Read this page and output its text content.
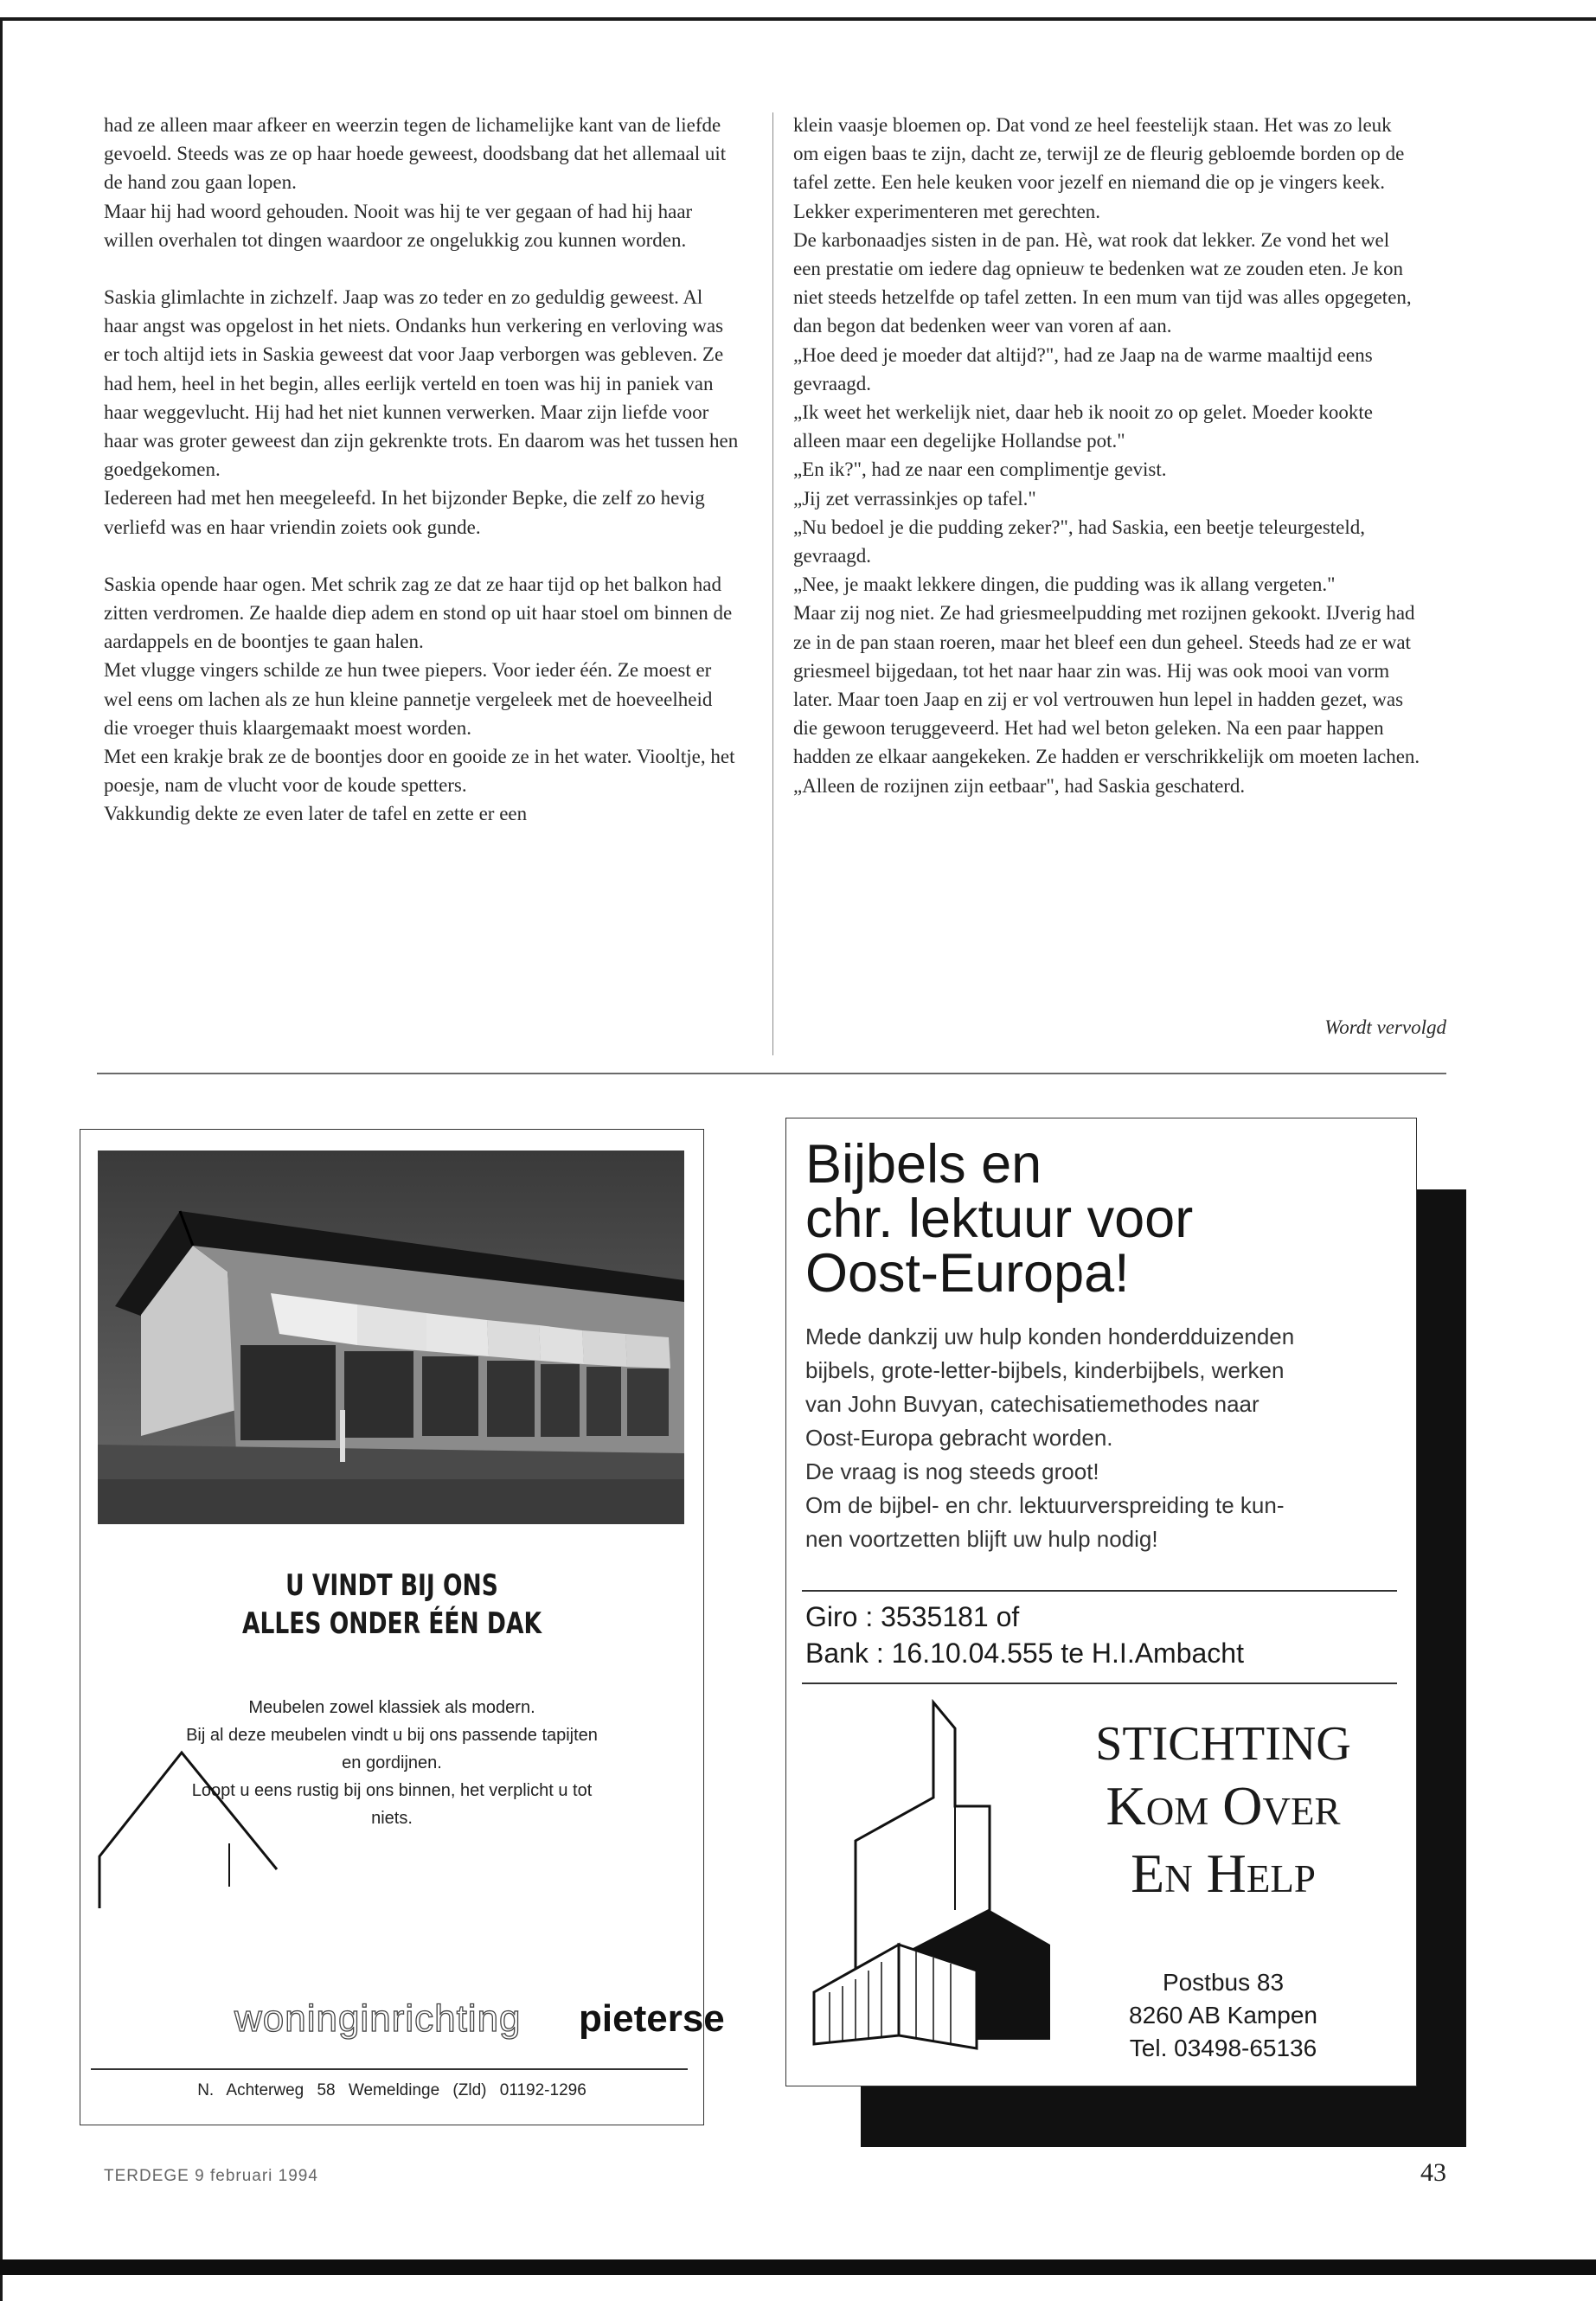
had ze alleen maar afkeer en weerzin tegen de lichamelijke kant van de liefde gevoeld. Steeds was ze op haar hoede geweest, doodsbang dat het allemaal uit de hand zou gaan lopen.

Maar hij had woord gehouden. Nooit was hij te ver gegaan of had hij haar willen overhalen tot dingen waardoor ze ongelukkig zou kunnen worden.

Saskia glimlachte in zichzelf. Jaap was zo teder en zo geduldig geweest. Al haar angst was opgelost in het niets. Ondanks hun verkering en verloving was er toch altijd iets in Saskia geweest dat voor Jaap verborgen was gebleven. Ze had hem, heel in het begin, alles eerlijk verteld en toen was hij in paniek van haar weggevlucht. Hij had het niet kunnen verwerken. Maar zijn liefde voor haar was groter geweest dan zijn gekrenkte trots. En daarom was het tussen hen goedgekomen.

Iedereen had met hen meegeleefd. In het bijzonder Bepke, die zelf zo hevig verliefd was en haar vriendin zoiets ook gunde.

Saskia opende haar ogen. Met schrik zag ze dat ze haar tijd op het balkon had zitten verdromen. Ze haalde diep adem en stond op uit haar stoel om binnen de aardappels en de boontjes te gaan halen.

Met vlugge vingers schilde ze hun twee piepers. Voor ieder één. Ze moest er wel eens om lachen als ze hun kleine pannetje vergeleek met de hoeveelheid die vroeger thuis klaargemaakt moest worden.

Met een krakje brak ze de boontjes door en gooide ze in het water. Viooltje, het poesje, nam de vlucht voor de koude spetters.

Vakkundig dekte ze even later de tafel en zette er een

klein vaasje bloemen op. Dat vond ze heel feestelijk staan. Het was zo leuk om eigen baas te zijn, dacht ze, terwijl ze de fleurig gebloemde borden op de tafel zette. Een hele keuken voor jezelf en niemand die op je vingers keek. Lekker experimenteren met gerechten.

De karbonaadjes sisten in de pan. Hè, wat rook dat lekker. Ze vond het wel een prestatie om iedere dag opnieuw te bedenken wat ze zouden eten. Je kon niet steeds hetzelfde op tafel zetten. In een mum van tijd was alles opgegeten, dan begon dat bedenken weer van voren af aan.

„Hoe deed je moeder dat altijd?", had ze Jaap na de warme maaltijd eens gevraagd.

„Ik weet het werkelijk niet, daar heb ik nooit zo op gelet. Moeder kookte alleen maar een degelijke Hollandse pot."

„En ik?", had ze naar een complimentje gevist.

„Jij zet verrassinkjes op tafel."

„Nu bedoel je die pudding zeker?", had Saskia, een beetje teleurgesteld, gevraagd.

„Nee, je maakt lekkere dingen, die pudding was ik allang vergeten."

Maar zij nog niet. Ze had griesmeelpudding met rozijnen gekookt. IJverig had ze in de pan staan roeren, maar het bleef een dun geheel. Steeds had ze er wat griesmeel bijgedaan, tot het naar haar zin was. Hij was ook mooi van vorm later. Maar toen Jaap en zij er vol vertrouwen hun lepel in hadden gezet, was die gewoon teruggeveerd. Het had wel beton geleken. Na een paar happen hadden ze elkaar aangekeken. Ze hadden er verschrikkelijk om moeten lachen. „Alleen de rozijnen zijn eetbaar", had Saskia geschaterd.

Wordt vervolgd
U VINDT BIJ ONS
ALLES ONDER ÉÉN DAK
Meubelen zowel klassiek als modern.
Bij al deze meubelen vindt u bij ons passende tapijten
en gordijnen.
Loopt u eens rustig bij ons binnen, het verplicht u tot
niets.
woninginrichting pieterse
N. Achterweg 58 Wemeldinge (Zld) 01192-1296
Bijbels en
chr. lektuur voor
Oost-Europa!
Mede dankzij uw hulp konden honderdduizenden
bijbels, grote-letter-bijbels, kinderbijbels, werken
van John Buvyan, catechisatiemethodes naar
Oost-Europa gebracht worden.
De vraag is nog steeds groot!
Om de bijbel- en chr. lektuurverspreiding te kun-
nen voortzetten blijft uw hulp nodig!
Giro : 3535181 of
Bank : 16.10.04.555 te H.I.Ambacht
STICHTING
Kom Over
En Help
Postbus 83
8260 AB Kampen
Tel. 03498-65136
TERDEGE 9 februari 1994	43
